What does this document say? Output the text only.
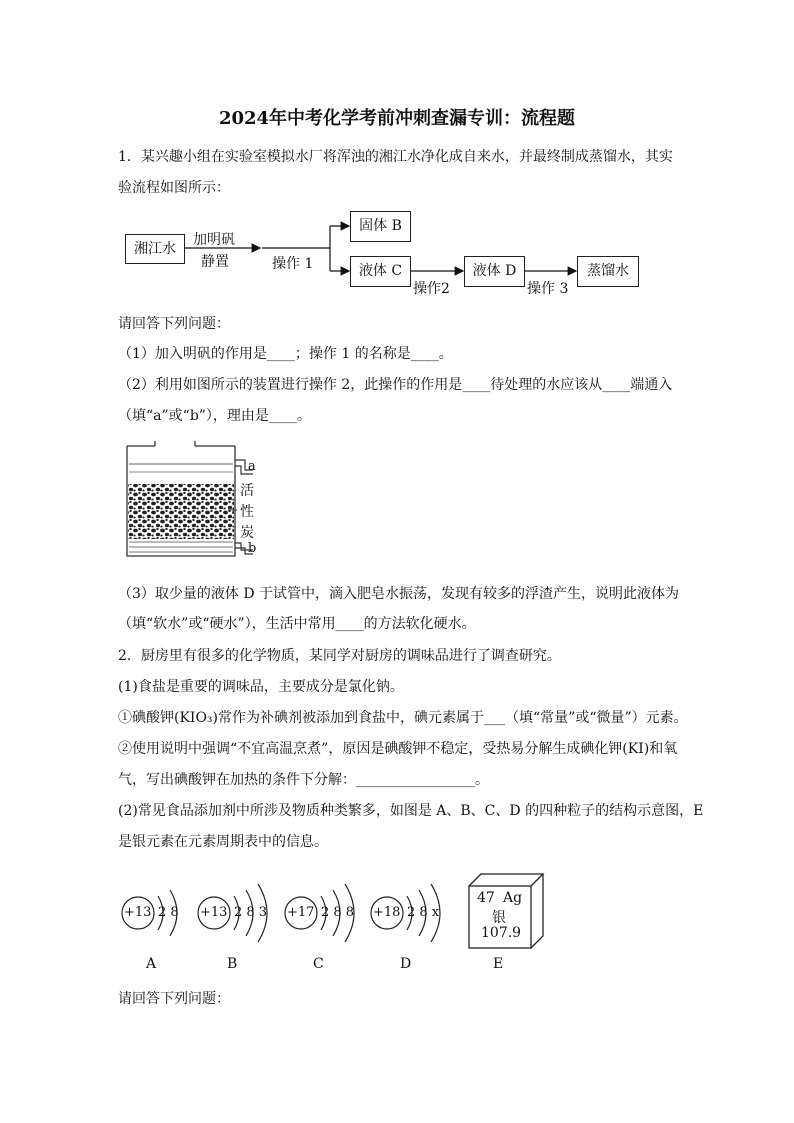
2024年中考化学考前冲刺查漏专训：流程题
1．某兴趣小组在实验室模拟水厂将浑浊的湘江水净化成自来水，并最终制成蒸馏水，其实
验流程如图所示：
湘江水
加明矾
静置	操作 1
固体 B
液体 C
操作2
液体 D
操作 3
蒸馏水
请回答下列问题：
（1）加入明矾的作用是____；操作 1 的名称是____。
（2）利用如图所示的装置进行操作 2，此操作的作用是____待处理的水应该从____端通入
（填“a”或“b”），理由是____。
a
活
性
炭
b
（3）取少量的液体 D 于试管中，滴入肥皂水振荡，发现有较多的浮渣产生，说明此液体为
（填“软水”或“硬水”），生活中常用____的方法软化硬水。
2．厨房里有很多的化学物质，某同学对厨房的调味品进行了调查研究。
(1)食盐是重要的调味品，主要成分是氯化钠。
①碘酸钾(KIO₃)常作为补碘剂被添加到食盐中，碘元素属于___（填“常量”或“微量”）元素。
②使用说明中强调“不宜高温烹煮”，原因是碘酸钾不稳定，受热易分解生成碘化钾(KI)和氧
气，写出碘酸钾在加热的条件下分解：_________________。
(2)常见食品添加剂中所涉及物质种类繁多，如图是 A、B、C、D 的四种粒子的结构示意图，E
是银元素在元素周期表中的信息。
+13 2 8
A
+13 2 8 3
B
+17 2 8 8
C
+18 2 8 x
D
47 Ag
银
107.9
E
请回答下列问题：
